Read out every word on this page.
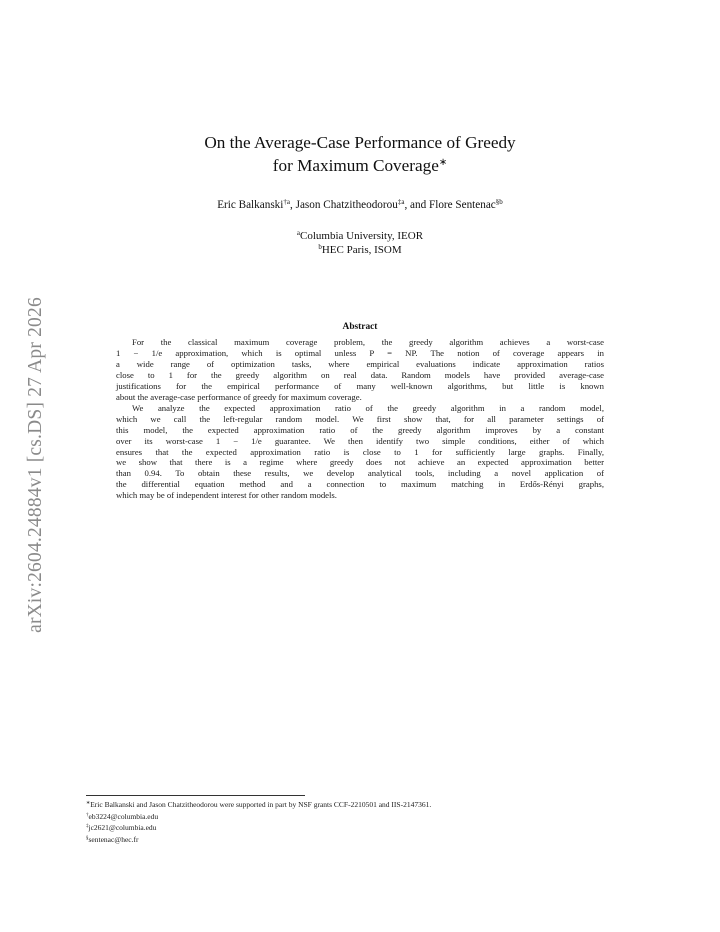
arXiv:2604.24884v1 [cs.DS] 27 Apr 2026
On the Average-Case Performance of Greedy
for Maximum Coverage∗
Eric Balkanski$^{\dagger a}$, Jason Chatzitheodorou$^{\ddagger a}$, and Flore Sentenac$^{\S b}$
$^a$Columbia University, IEOR
$^b$HEC Paris, ISOM
Abstract
For the classical maximum coverage problem, the greedy algorithm achieves a worst-case
1 − 1/e approximation, which is optimal unless P = NP. The notion of coverage appears in
a wide range of optimization tasks, where empirical evaluations indicate approximation ratios
close to 1 for the greedy algorithm on real data. Random models have provided average-case
justifications for the empirical performance of many well-known algorithms, but little is known
about the average-case performance of greedy for maximum coverage.
We analyze the expected approximation ratio of the greedy algorithm in a random model,
which we call the left-regular random model. We first show that, for all parameter settings of
this model, the expected approximation ratio of the greedy algorithm improves by a constant
over its worst-case 1 − 1/e guarantee. We then identify two simple conditions, either of which
ensures that the expected approximation ratio is close to 1 for sufficiently large graphs. Finally,
we show that there is a regime where greedy does not achieve an expected approximation better
than 0.94. To obtain these results, we develop analytical tools, including a novel application of
the differential equation method and a connection to maximum matching in Erdős-Rényi graphs,
which may be of independent interest for other random models.
∗Eric Balkanski and Jason Chatzitheodorou were supported in part by NSF grants CCF-2210501 and IIS-2147361.
†eb3224@columbia.edu
‡jc2621@columbia.edu
§sentenac@hec.fr
